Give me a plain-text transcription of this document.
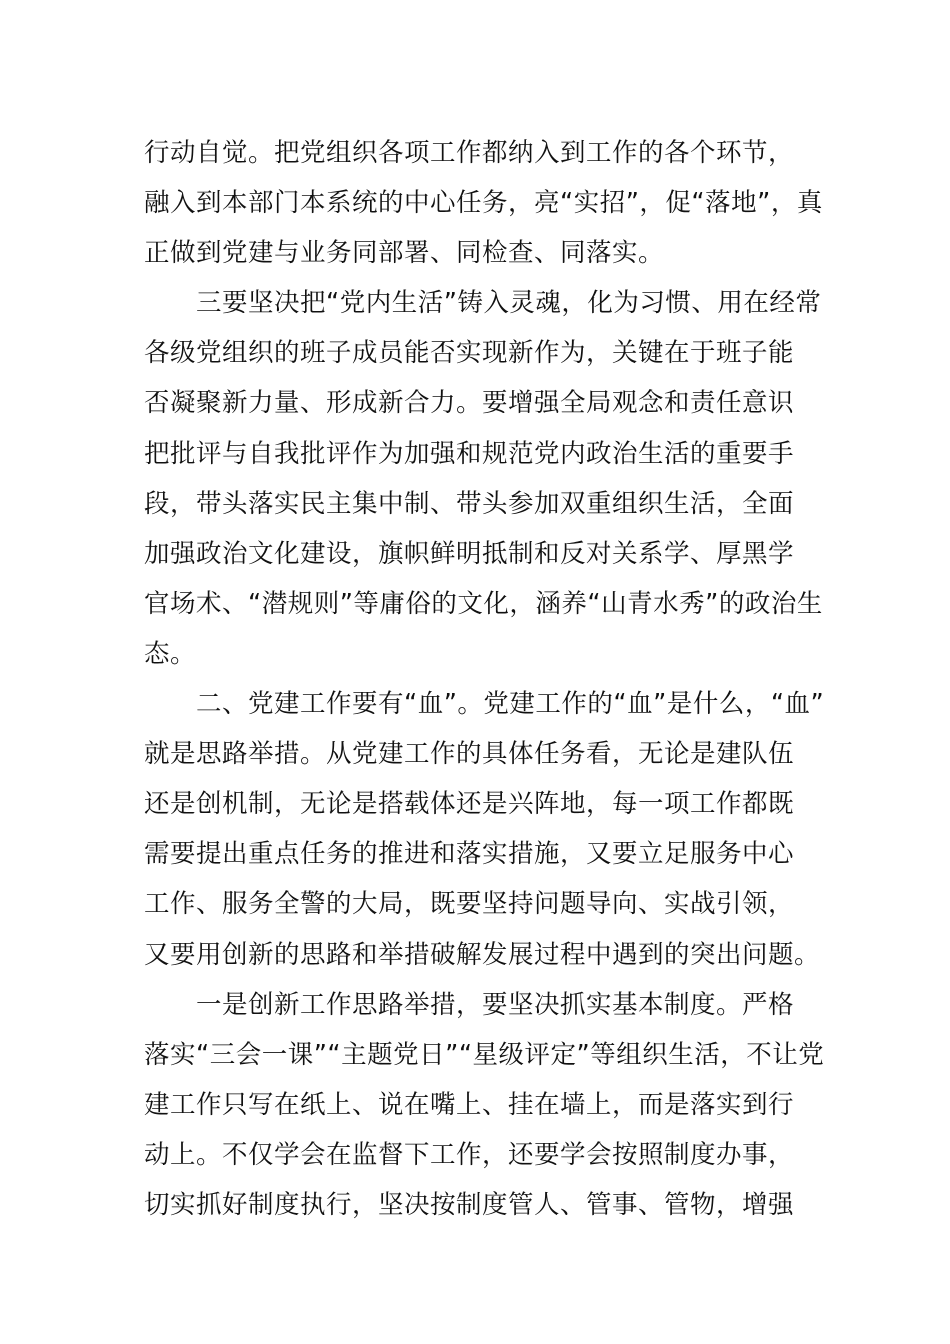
行动自觉。把党组织各项工作都纳入到工作的各个环节，
融入到本部门本系统的中心任务，亮“实招”，促“落地”，真
正做到党建与业务同部署、同检查、同落实。
　　三要坚决把“党内生活”铸入灵魂，化为习惯、用在经常
各级党组织的班子成员能否实现新作为，关键在于班子能
否凝聚新力量、形成新合力。要增强全局观念和责任意识
把批评与自我批评作为加强和规范党内政治生活的重要手
段，带头落实民主集中制、带头参加双重组织生活，全面
加强政治文化建设，旗帜鲜明抵制和反对关系学、厚黑学
官场术、“潜规则”等庸俗的文化，涵养“山青水秀”的政治生
态。
　　二、党建工作要有“血”。党建工作的“血”是什么，“血”
就是思路举措。从党建工作的具体任务看，无论是建队伍
还是创机制，无论是搭载体还是兴阵地，每一项工作都既
需要提出重点任务的推进和落实措施，又要立足服务中心
工作、服务全警的大局，既要坚持问题导向、实战引领，
又要用创新的思路和举措破解发展过程中遇到的突出问题。
　　一是创新工作思路举措，要坚决抓实基本制度。严格
落实“三会一课”“主题党日”“星级评定”等组织生活，不让党
建工作只写在纸上、说在嘴上、挂在墙上，而是落实到行
动上。不仅学会在监督下工作，还要学会按照制度办事，
切实抓好制度执行，坚决按制度管人、管事、管物，增强
